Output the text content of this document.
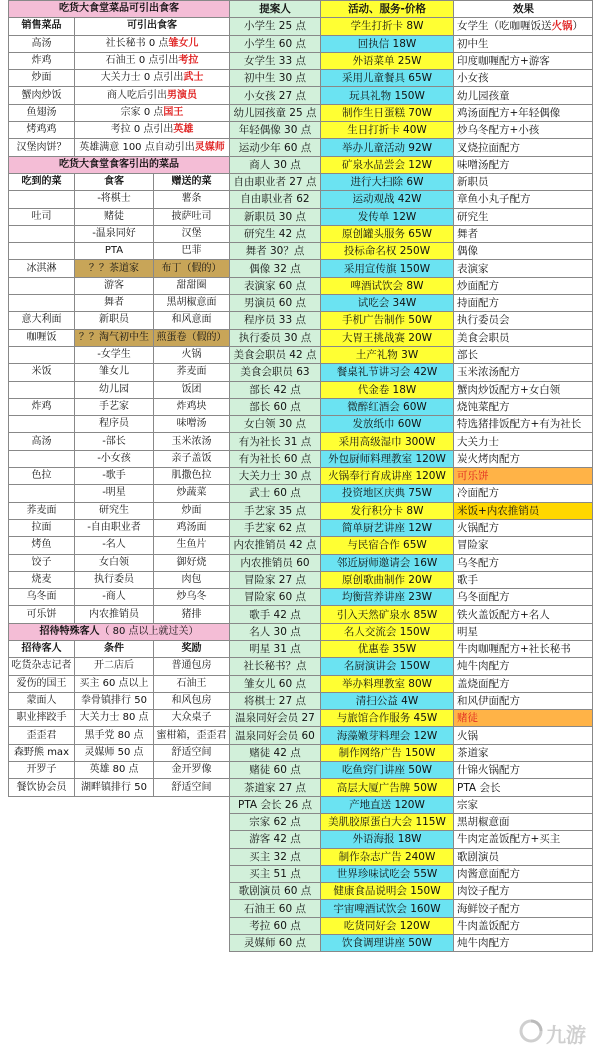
吃货大食堂菜品可引出食客		
销售菜品	可引出食客	
高汤	社长秘书 0 点雏女儿	
炸鸡	石油王 0 点引出考拉	
炒面	大关力士 0 点引出武士	
蟹肉炒饭	商人吃后引出男演员	
鱼翅汤	宗家 0 点国王	
烤鸡鸡	考拉 0 点引出英雄	
汉堡肉饼？	英雄满意 100 点自动引出灵媒师	
吃货大食堂食客引出的菜品		
吃到的菜	食客	赠送的菜
	-将棋士	薯条
吐司	赌徒	披萨吐司
	-温泉同好	汉堡
	PTA	巴菲
冰淇淋	？？茶道家	布丁（假的）
	游客	甜甜圈
	舞者	黑胡椒意面
意大利面	新职员	和风意面
咖喱饭	？？淘气初中生	煎蛋卷（假的）
	-女学生	火锅
米饭	雏女儿	荞麦面
	幼儿园	饭团
炸鸡	手艺家	炸鸡块
	程序员	味噌汤
高汤	-部长	玉米浓汤
	-小女孩	亲子盖饭
色拉	-歌手	肌撒色拉
	-明星	炒蔬菜
荞麦面	研究生	炒面
拉面	-自由职业者	鸡汤面
烤鱼	-名人	生鱼片
饺子	女白领	御好烧
烧麦	执行委员	肉包
乌冬面	-商人	炒乌冬
可乐饼	内农推销员	猪排
招待特殊客人（ 80 点以上就过关）		
招待客人	条件	奖励
吃货杂志记者	开二店后	普通包房
爱伤的国王	买主 60 点以上	石油王
蒙面人	拳骨镇排行 50	和风包房
职业摔跤手	大关力士 80 点	大众桌子
歪歪君	黑手党 80 点	蜜柑箱，歪歪君
森野熊 max	灵媒师 50 点	舒适空间
开罗子	英雄 80 点	金开罗像
餐饮协会员	湖畔镇排行 50	舒适空间
提案人	活动、服务-价格	效果
小学生 25 点	学生打折卡 8W	女学生（吃咖喱饭送火锅）
小学生 60 点	回执信 18W	初中生
女学生 33 点	外语菜单 25W	印度咖喱配方+游客
初中生 30 点	采用儿童餐具 65W	小女孩
小女孩 27 点	玩具礼物 150W	幼儿园孩童
幼儿园孩童 25 点	制作生日蛋糕 70W	鸡汤面配方+年轻偶像
年轻偶像 30 点	生日打折卡 40W	炒乌冬配方+小孩
运动少年 60 点	举办儿童活动 92W	叉烧拉面配方
商人 30 点	矿泉水品尝会 12W	味噌汤配方
自由职业者 27 点	进行大扫除 6W	新职员
自由职业者 62	运动观战 42W	章鱼小丸子配方
新职员 30 点	发传单 12W	研究生
研究生 42 点	原创罐头服务 65W	舞者
舞者 30？点	投标命名权 250W	偶像
偶像 32 点	采用宣传旗 150W	表演家
表演家 60 点	啤酒试饮会 8W	炒面配方
男演员 60 点	试吃会 34W	持面配方
程序员 33 点	手机广告制作 50W	执行委员会
执行委员 30 点	大胃王挑战赛 20W	美食会职员
美食会职员 42 点	土产礼物 3W	部长
美食会职员 63	餐桌礼节讲习会 42W	玉米浓汤配方
部长 42 点	代金卷 18W	蟹肉炒饭配方+女白领
部长 60 点	微醉红酒会 60W	烧饨菜配方
女白领 30 点	发放纸巾 60W	特选猪排饭配方+有为社长
有为社长 31 点	采用高级湿巾 300W	大关力士
有为社长 60 点	外包厨师料理教室 120W	炭火烤肉配方
大关力士 30 点	火锅奉行育成讲座 120W	可乐饼
武士 60 点	投资地区庆典 75W	冷面配方
手艺家 35 点	发行积分卡 8W	米饭+内农推销员
手艺家 62 点	简单厨艺讲座 12W	火锅配方
内农推销员 42 点	与民宿合作 65W	冒险家
内农推销员 60	邻近厨师邀请会 16W	乌冬配方
冒险家 27 点	原创歌曲制作 20W	歌手
冒险家 60 点	均衡营养讲座 23W	乌冬面配方
歌手 42 点	引入天然矿泉水 85W	铁火盖饭配方+名人
名人 30 点	名人交流会 150W	明星
明星 31 点	优惠卷 35W	牛肉咖喱配方+社长秘书
社长秘书？点	名厨演讲会 150W	炖牛肉配方
雏女儿 60 点	举办料理教室 80W	盖烧面配方
将棋士 27 点	清扫公益 4W	和风伊面配方
温泉同好会员 27	与旅馆合作服务 45W	赌徒
温泉同好会员 60	海藻嫩芽料理会 12W	火锅
赌徒 42 点	制作网络广告 150W	茶道家
赌徒 60 点	吃鱼窍门讲座 50W	什锦火锅配方
茶道家 27 点	高层大厦广告牌 50W	PTA 会长
PTA 会长 26 点	产地直送 120W	宗家
宗家 62 点	美肌胶原蛋白大会 115W	黑胡椒意面
游客 42 点	外语海报 18W	牛肉定盖饭配方+买主
买主 32 点	制作杂志广告 240W	歌剧演员
买主 51 点	世界珍味试吃会 55W	肉酱意面配方
歌剧演员 60 点	健康食品说明会 150W	肉饺子配方
石油王 60 点	宇宙啤酒试饮会 160W	海鲜饺子配方
考拉 60 点	吃货同好会 120W	牛肉盖饭配方
灵媒师 60 点	饮食调理讲座 50W	炖牛肉配方
九游
